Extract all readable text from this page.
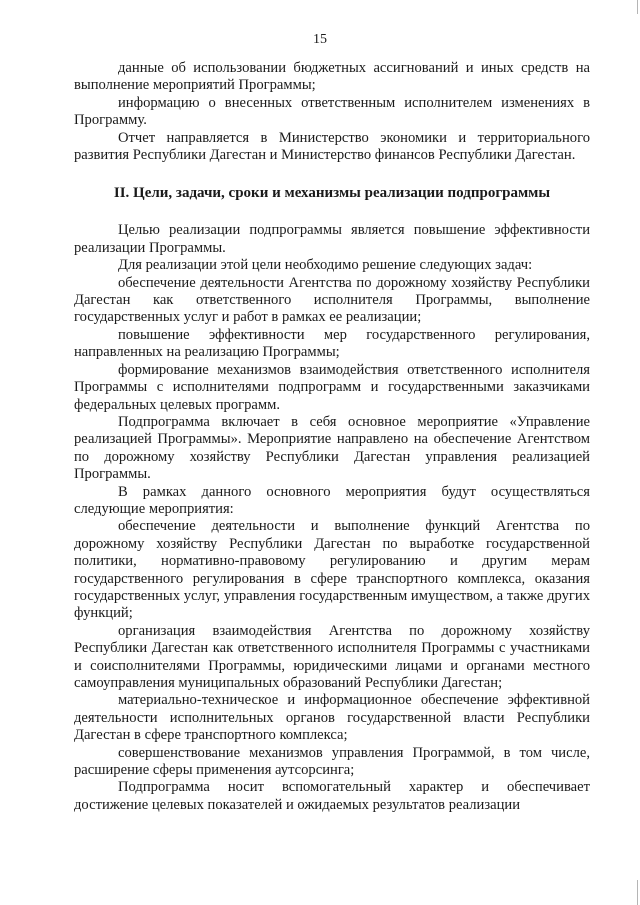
15

данные об использовании бюджетных ассигнований и иных средств на выполнение мероприятий Программы;

информацию о внесенных ответственным исполнителем изменениях в Программу.

Отчет направляется в Министерство экономики и территориального развития Республики Дагестан и Министерство финансов Республики Дагестан.

II. Цели, задачи, сроки и механизмы реализации подпрограммы

Целью реализации подпрограммы является повышение эффективности реализации Программы.

Для реализации этой цели необходимо решение следующих задач:

обеспечение деятельности Агентства по дорожному хозяйству Республики Дагестан как ответственного исполнителя Программы, выполнение государственных услуг и работ в рамках ее реализации;

повышение эффективности мер государственного регулирования, направленных на реализацию Программы;

формирование механизмов взаимодействия ответственного исполнителя Программы с исполнителями подпрограмм и государственными заказчиками федеральных целевых программ.

Подпрограмма включает в себя основное мероприятие «Управление реализацией Программы». Мероприятие направлено на обеспечение Агентством по дорожному хозяйству Республики Дагестан управления реализацией Программы.

В рамках данного основного мероприятия будут осуществляться следующие мероприятия:

обеспечение деятельности и выполнение функций Агентства по дорожному хозяйству Республики Дагестан по выработке государственной политики, нормативно-правовому регулированию и другим мерам государственного регулирования в сфере транспортного комплекса, оказания государственных услуг, управления государственным имуществом, а также других функций;

организация взаимодействия Агентства по дорожному хозяйству Республики Дагестан как ответственного исполнителя Программы с участниками и соисполнителями Программы, юридическими лицами и органами местного самоуправления муниципальных образований Республики Дагестан;

материально-техническое и информационное обеспечение эффективной деятельности исполнительных органов государственной власти Республики Дагестан в сфере транспортного комплекса;

совершенствование механизмов управления Программой, в том числе, расширение сферы применения аутсорсинга;

Подпрограмма носит вспомогательный характер и обеспечивает достижение целевых показателей и ожидаемых результатов реализации
